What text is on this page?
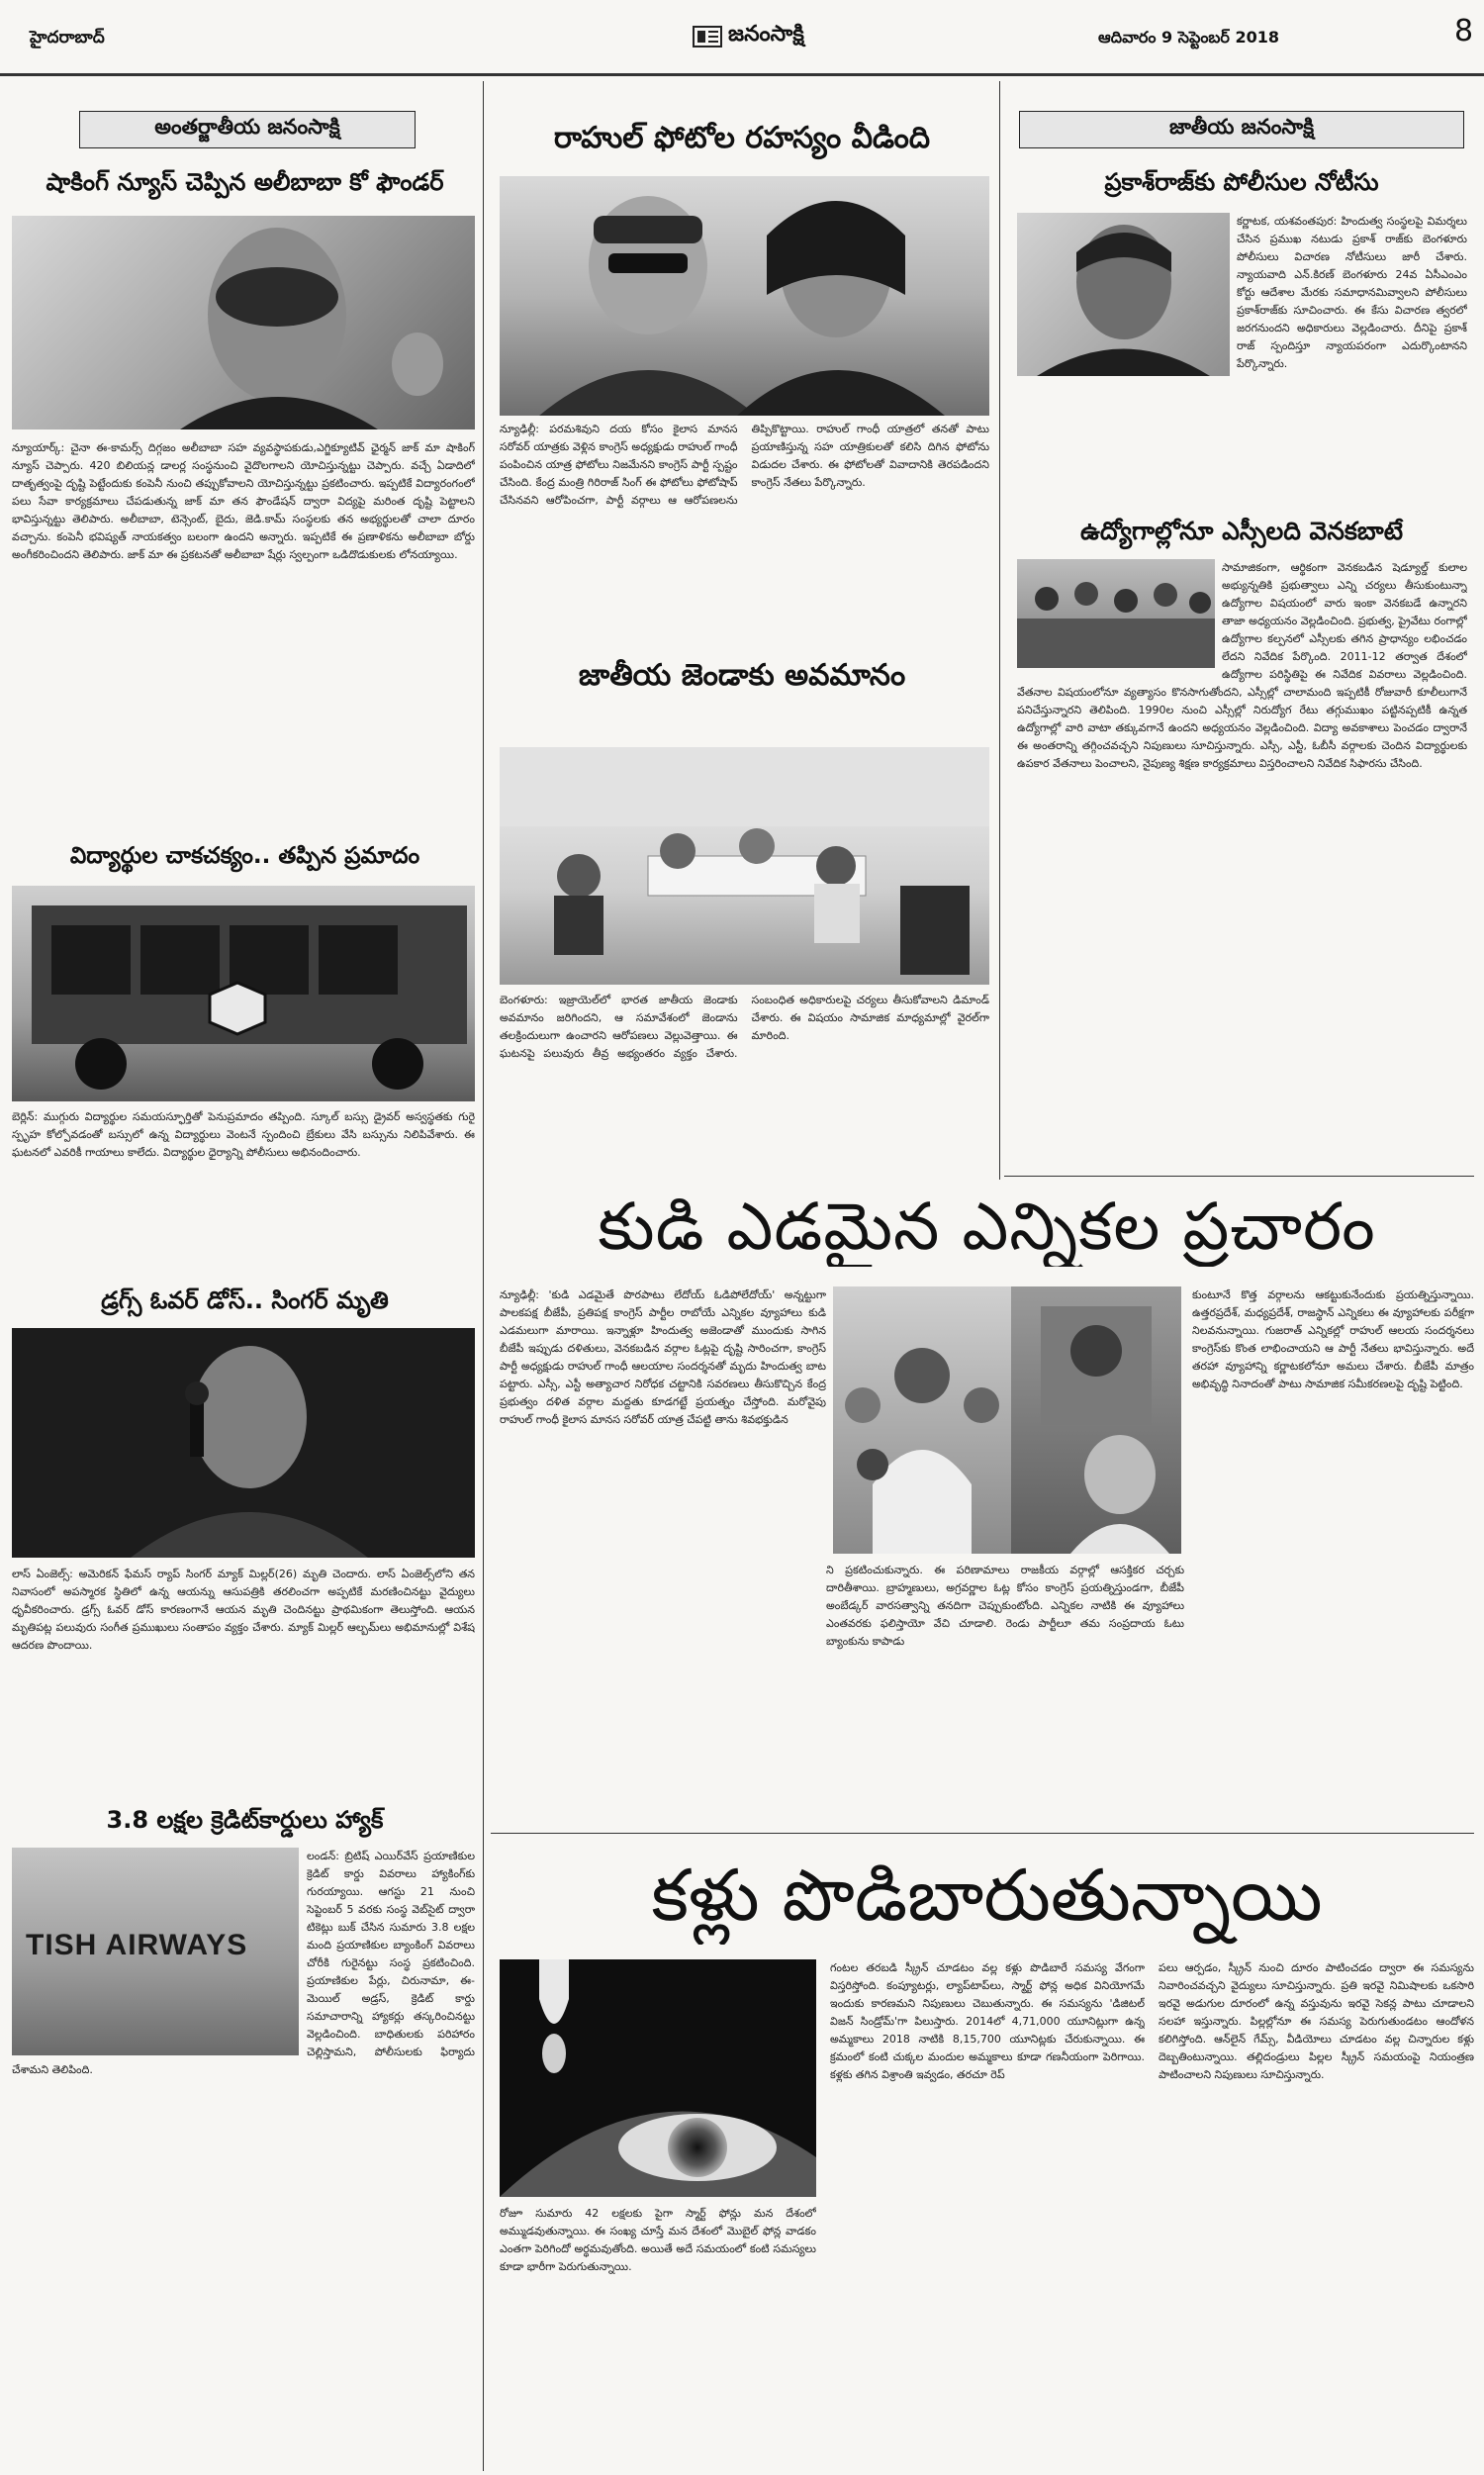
హైదరాబాద్	జనంసాక్షి	ఆదివారం 9 సెప్టెంబర్ 2018	8
అంతర్జాతీయ జనంసాక్షి
షాకింగ్ న్యూస్ చెప్పిన అలీబాబా కో ఫౌండర్
న్యూయార్క్: చైనా ఈ-కామర్స్ దిగ్గజం అలీబాబా సహ వ్యవస్థాపకుడు,ఎగ్జిక్యూటివ్ ఛైర్మన్ జాక్ మా షాకింగ్ న్యూస్ చెప్పారు. 420 బిలియన్ల డాలర్ల సంస్థనుంచి వైదొలగాలని యోచిస్తున్నట్టు చెప్పారు. వచ్చే ఏడాదిలో దాతృత్వంపై దృష్టి పెట్టేందుకు కంపెనీ నుంచి తప్పుకోవాలని యోచిస్తున్నట్టు ప్రకటించారు. ఇప్పటికే విద్యారంగంలో పలు సేవా కార్యక్రమాలు చేపడుతున్న జాక్ మా తన ఫౌండేషన్ ద్వారా విద్యపై మరింత దృష్టి పెట్టాలని భావిస్తున్నట్టు తెలిపారు. అలీబాబా, టెన్సెంట్, బైదు, జెడి.కామ్ సంస్థలకు తన అభ్యర్థులతో చాలా దూరం వచ్చాను. కంపెనీ భవిష్యత్ నాయకత్వం బలంగా ఉందని అన్నారు. ఇప్పటికే ఈ ప్రణాళికను అలీబాబా బోర్డు అంగీకరించిందని తెలిపారు. జాక్ మా ఈ ప్రకటనతో అలీబాబా షేర్లు స్వల్పంగా ఒడిదొడుకులకు లోనయ్యాయి.
విద్యార్థుల చాకచక్యం.. తప్పిన ప్రమాదం
బెర్లిన్: ముగ్గురు విద్యార్థుల సమయస్ఫూర్తితో పెనుప్రమాదం తప్పింది. స్కూల్ బస్సు డ్రైవర్ అస్వస్థతకు గురై స్పృహ కోల్పోవడంతో బస్సులో ఉన్న విద్యార్థులు వెంటనే స్పందించి బ్రేకులు వేసి బస్సును నిలిపివేశారు. ఈ ఘటనలో ఎవరికీ గాయాలు కాలేదు. విద్యార్థుల ధైర్యాన్ని పోలీసులు అభినందించారు.
డ్రగ్స్ ఓవర్ డోస్.. సింగర్ మృతి
లాస్ ఏంజెల్స్: అమెరికన్ ఫేమస్ ర్యాప్ సింగర్ మ్యాక్ మిల్లర్(26) మృతి చెందారు. లాస్ ఏంజెల్స్‌లోని తన నివాసంలో అపస్మారక స్థితిలో ఉన్న ఆయన్ను ఆసుపత్రికి తరలించగా అప్పటికే మరణించినట్టు వైద్యులు ధృవీకరించారు. డ్రగ్స్ ఓవర్ డోస్ కారణంగానే ఆయన మృతి చెందినట్టు ప్రాథమికంగా తెలుస్తోంది. ఆయన మృతిపట్ల పలువురు సంగీత ప్రముఖులు సంతాపం వ్యక్తం చేశారు. మ్యాక్ మిల్లర్ ఆల్బమ్‌లు అభిమానుల్లో విశేష ఆదరణ పొందాయి.
3.8 లక్షల క్రెడిట్‌కార్డులు హ్యాక్
TISH AIRWAYS
లండన్: బ్రిటిష్ ఎయిర్‌వేస్ ప్రయాణికుల క్రెడిట్ కార్డు వివరాలు హ్యాకింగ్‌కు గురయ్యాయి. ఆగస్టు 21 నుంచి సెప్టెంబర్ 5 వరకు సంస్థ వెబ్‌సైట్ ద్వారా టికెట్లు బుక్ చేసిన సుమారు 3.8 లక్షల మంది ప్రయాణికుల బ్యాంకింగ్ వివరాలు చోరీకి గురైనట్టు సంస్థ ప్రకటించింది. ప్రయాణికుల పేర్లు, చిరునామా, ఈ-మెయిల్ అడ్రస్, క్రెడిట్ కార్డు సమాచారాన్ని హ్యాకర్లు తస్కరించినట్టు వెల్లడించింది. బాధితులకు పరిహారం చెల్లిస్తామని, పోలీసులకు ఫిర్యాదు చేశామని తెలిపింది.
రాహుల్ ఫోటోల రహస్యం వీడింది
న్యూఢిల్లీ: పరమశివుని దయ కోసం కైలాస మానస సరోవర్ యాత్రకు వెళ్లిన కాంగ్రెస్ అధ్యక్షుడు రాహుల్ గాంధీ పంపించిన యాత్ర ఫోటోలు నిజమేనని కాంగ్రెస్ పార్టీ స్పష్టం చేసింది. కేంద్ర మంత్రి గిరిరాజ్ సింగ్ ఈ ఫోటోలు ఫోటోషాప్ చేసినవని ఆరోపించగా, పార్టీ వర్గాలు ఆ ఆరోపణలను తిప్పికొట్టాయి. రాహుల్ గాంధీ యాత్రలో తనతో పాటు ప్రయాణిస్తున్న సహ యాత్రికులతో కలిసి దిగిన ఫోటోను విడుదల చేశారు. ఈ ఫోటోలతో వివాదానికి తెరపడిందని కాంగ్రెస్ నేతలు పేర్కొన్నారు.
జాతీయ జెండాకు అవమానం
బెంగళూరు: ఇజ్రాయెల్‌లో భారత జాతీయ జెండాకు అవమానం జరిగిందని, ఆ సమావేశంలో జెండాను తలక్రిందులుగా ఉంచారని ఆరోపణలు వెల్లువెత్తాయి. ఈ ఘటనపై పలువురు తీవ్ర అభ్యంతరం వ్యక్తం చేశారు. సంబంధిత అధికారులపై చర్యలు తీసుకోవాలని డిమాండ్ చేశారు. ఈ విషయం సామాజిక మాధ్యమాల్లో వైరల్‌గా మారింది.
జాతీయ జనంసాక్షి
ప్రకాశ్‌రాజ్‌కు పోలీసుల నోటీసు
కర్ణాటక, యశవంతపుర: హిందుత్వ సంస్థలపై విమర్శలు చేసిన ప్రముఖ నటుడు ప్రకాశ్ రాజ్‌కు బెంగళూరు పోలీసులు విచారణ నోటీసులు జారీ చేశారు. న్యాయవాది ఎన్.కిరణ్ బెంగళూరు 24వ ఏసీఎంఎం కోర్టు ఆదేశాల మేరకు సమాధానమివ్వాలని పోలీసులు ప్రకాశ్‌రాజ్‌కు సూచించారు. ఈ కేసు విచారణ త్వరలో జరగనుందని అధికారులు వెల్లడించారు. దీనిపై ప్రకాశ్ రాజ్ స్పందిస్తూ న్యాయపరంగా ఎదుర్కొంటానని పేర్కొన్నారు.
ఉద్యోగాల్లోనూ ఎస్సీలది వెనకబాటే
సామాజికంగా, ఆర్థికంగా వెనకబడిన షెడ్యూల్డ్ కులాల అభ్యున్నతికి ప్రభుత్వాలు ఎన్ని చర్యలు తీసుకుంటున్నా ఉద్యోగాల విషయంలో వారు ఇంకా వెనకబడే ఉన్నారని తాజా అధ్యయనం వెల్లడించింది. ప్రభుత్వ, ప్రైవేటు రంగాల్లో ఉద్యోగాల కల్పనలో ఎస్సీలకు తగిన ప్రాధాన్యం లభించడం లేదని నివేదిక పేర్కొంది. 2011-12 తర్వాత దేశంలో ఉద్యోగాల పరిస్థితిపై ఈ నివేదిక వివరాలు వెల్లడించింది. వేతనాల విషయంలోనూ వ్యత్యాసం కొనసాగుతోందని, ఎస్సీల్లో చాలామంది ఇప్పటికీ రోజువారీ కూలీలుగానే పనిచేస్తున్నారని తెలిపింది. 1990ల నుంచి ఎస్సీల్లో నిరుద్యోగ రేటు తగ్గుముఖం పట్టినప్పటికీ ఉన్నత ఉద్యోగాల్లో వారి వాటా తక్కువగానే ఉందని అధ్యయనం వెల్లడించింది. విద్యా అవకాశాలు పెంచడం ద్వారానే ఈ అంతరాన్ని తగ్గించవచ్చని నిపుణులు సూచిస్తున్నారు. ఎస్సీ, ఎస్టీ, ఓబీసీ వర్గాలకు చెందిన విద్యార్థులకు ఉపకార వేతనాలు పెంచాలని, నైపుణ్య శిక్షణ కార్యక్రమాలు విస్తరించాలని నివేదిక సిఫారసు చేసింది.
కుడి ఎడమైన ఎన్నికల ప్రచారం
న్యూఢిల్లీ: 'కుడి ఎడమైతే పొరపాటు లేదోయ్ ఓడిపోలేదోయ్' అన్నట్టుగా పాలకపక్ష బీజేపీ, ప్రతిపక్ష కాంగ్రెస్ పార్టీల రాబోయే ఎన్నికల వ్యూహాలు కుడి ఎడమలుగా మారాయి. ఇన్నాళ్లూ హిందుత్వ అజెండాతో ముందుకు సాగిన బీజేపీ ఇప్పుడు దళితులు, వెనకబడిన వర్గాల ఓట్లపై దృష్టి సారించగా, కాంగ్రెస్ పార్టీ అధ్యక్షుడు రాహుల్ గాంధీ ఆలయాల సందర్శనతో మృదు హిందుత్వ బాట పట్టారు. ఎస్సీ, ఎస్టీ అత్యాచార నిరోధక చట్టానికి సవరణలు తీసుకొచ్చిన కేంద్ర ప్రభుత్వం దళిత వర్గాల మద్దతు కూడగట్టే ప్రయత్నం చేస్తోంది. మరోవైపు రాహుల్ గాంధీ కైలాస మానస సరోవర్ యాత్ర చేపట్టి తాను శివభక్తుడిన
ని ప్రకటించుకున్నారు. ఈ పరిణామాలు రాజకీయ వర్గాల్లో ఆసక్తికర చర్చకు దారితీశాయి. బ్రాహ్మణులు, అగ్రవర్ణాల ఓట్ల కోసం కాంగ్రెస్ ప్రయత్నిస్తుండగా, బీజేపీ అంబేడ్కర్ వారసత్వాన్ని తనదిగా చెప్పుకుంటోంది. ఎన్నికల నాటికి ఈ వ్యూహాలు ఎంతవరకు ఫలిస్తాయో వేచి చూడాలి. రెండు పార్టీలూ తమ సంప్రదాయ ఓటు బ్యాంకును కాపాడు
కుంటూనే కొత్త వర్గాలను ఆకట్టుకునేందుకు ప్రయత్నిస్తున్నాయి. ఉత్తరప్రదేశ్, మధ్యప్రదేశ్, రాజస్థాన్ ఎన్నికలు ఈ వ్యూహాలకు పరీక్షగా నిలవనున్నాయి. గుజరాత్ ఎన్నికల్లో రాహుల్ ఆలయ సందర్శనలు కాంగ్రెస్‌కు కొంత లాభించాయని ఆ పార్టీ నేతలు భావిస్తున్నారు. అదే తరహా వ్యూహాన్ని కర్ణాటకలోనూ అమలు చేశారు. బీజేపీ మాత్రం అభివృద్ధి నినాదంతో పాటు సామాజిక సమీకరణలపై దృష్టి పెట్టింది.
కళ్లు పొడిబారుతున్నాయి
రోజూ సుమారు 42 లక్షలకు పైగా స్మార్ట్ ఫోన్లు మన దేశంలో అమ్ముడవుతున్నాయి. ఈ సంఖ్య చూస్తే మన దేశంలో మొబైల్ ఫోన్ల వాడకం ఎంతగా పెరిగిందో అర్థమవుతోంది. అయితే అదే సమయంలో కంటి సమస్యలు కూడా భారీగా పెరుగుతున్నాయి.
గంటల తరబడి స్క్రీన్ చూడటం వల్ల కళ్లు పొడిబారే సమస్య వేగంగా విస్తరిస్తోంది. కంప్యూటర్లు, ల్యాప్‌టాప్‌లు, స్మార్ట్ ఫోన్ల అధిక వినియోగమే ఇందుకు కారణమని నిపుణులు చెబుతున్నారు. ఈ సమస్యను 'డిజిటల్ విజన్ సిండ్రోమ్'గా పిలుస్తారు. 2014లో 4,71,000 యూనిట్లుగా ఉన్న అమ్మకాలు 2018 నాటికి 8,15,700 యూనిట్లకు చేరుకున్నాయి. ఈ క్రమంలో కంటి చుక్కల మందుల అమ్మకాలు కూడా గణనీయంగా పెరిగాయి. కళ్లకు తగిన విశ్రాంతి ఇవ్వడం, తరచూ రెప్
పలు ఆర్పడం, స్క్రీన్ నుంచి దూరం పాటించడం ద్వారా ఈ సమస్యను నివారించవచ్చని వైద్యులు సూచిస్తున్నారు. ప్రతి ఇరవై నిమిషాలకు ఒకసారి ఇరవై అడుగుల దూరంలో ఉన్న వస్తువును ఇరవై సెకన్ల పాటు చూడాలని సలహా ఇస్తున్నారు. పిల్లల్లోనూ ఈ సమస్య పెరుగుతుండటం ఆందోళన కలిగిస్తోంది. ఆన్‌లైన్ గేమ్స్, వీడియోలు చూడటం వల్ల చిన్నారుల కళ్లు దెబ్బతింటున్నాయి. తల్లిదండ్రులు పిల్లల స్క్రీన్ సమయంపై నియంత్రణ పాటించాలని నిపుణులు సూచిస్తున్నారు.
